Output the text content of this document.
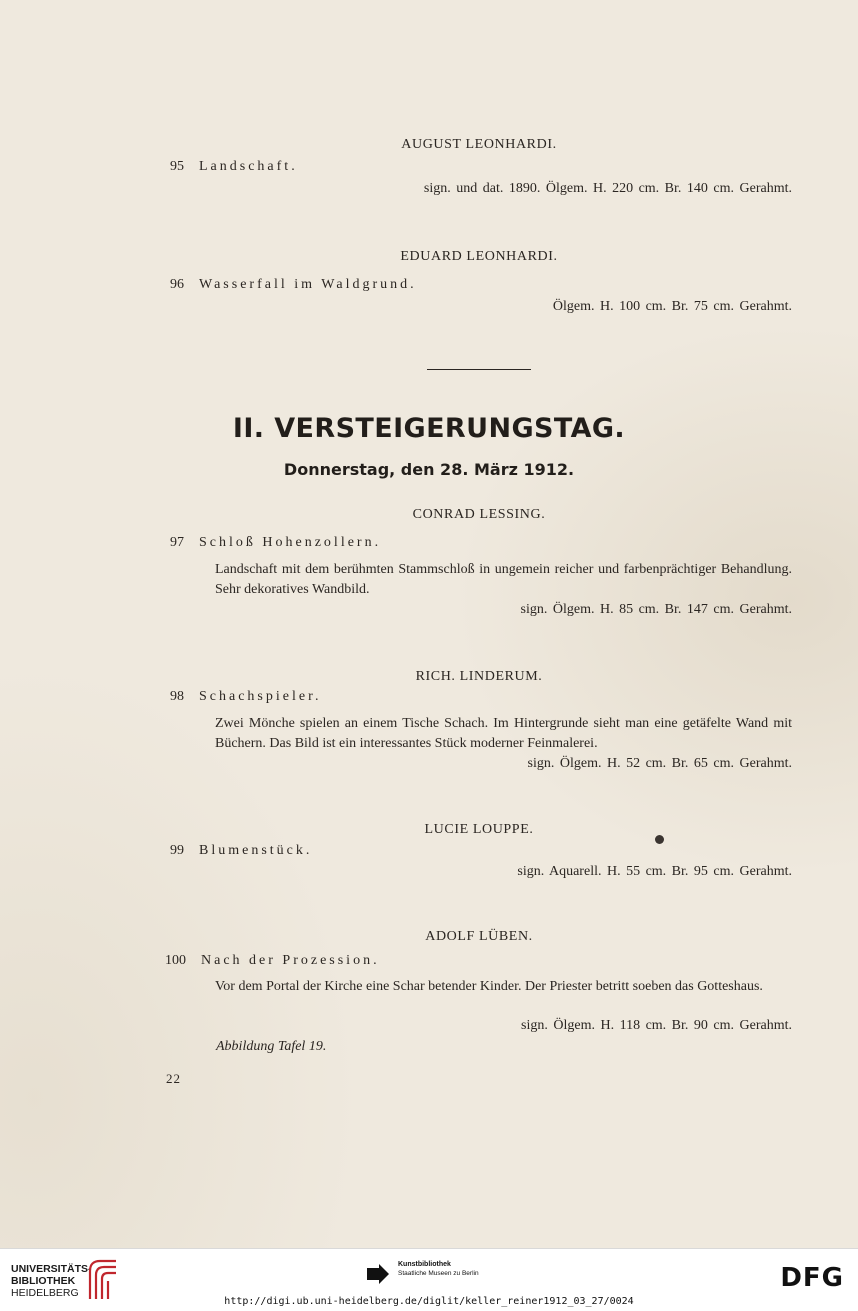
AUGUST LEONHARDI.
95 Landschaft.
sign. und dat. 1890. Ölgem. H. 220 cm. Br. 140 cm. Gerahmt.
EDUARD LEONHARDI.
96 Wasserfall im Waldgrund.
Ölgem. H. 100 cm. Br. 75 cm. Gerahmt.
II. VERSTEIGERUNGSTAG.
Donnerstag, den 28. März 1912.
CONRAD LESSING.
97 Schloß Hohenzollern.
Landschaft mit dem berühmten Stammschloß in ungemein reicher und farbenprächtiger Behandlung. Sehr dekoratives Wandbild.
sign. Ölgem. H. 85 cm. Br. 147 cm. Gerahmt.
RICH. LINDERUM.
98 Schachspieler.
Zwei Mönche spielen an einem Tische Schach. Im Hintergrunde sieht man eine getäfelte Wand mit Büchern. Das Bild ist ein interessantes Stück moderner Feinmalerei.
sign. Ölgem. H. 52 cm. Br. 65 cm. Gerahmt.
LUCIE LOUPPE.
99 Blumenstück.
sign. Aquarell. H. 55 cm. Br. 95 cm. Gerahmt.
ADOLF LÜBEN.
100 Nach der Prozession.
Vor dem Portal der Kirche eine Schar betender Kinder. Der Priester betritt soeben das Gotteshaus.
sign. Ölgem. H. 118 cm. Br. 90 cm. Gerahmt.
Abbildung Tafel 19.
22
UNIVERSITÄTS-
BIBLIOTHEK
HEIDELBERG
Kunstbibliothek
Staatliche Museen zu Berlin	DFG
http://digi.ub.uni-heidelberg.de/diglit/keller_reiner1912_03_27/0024
